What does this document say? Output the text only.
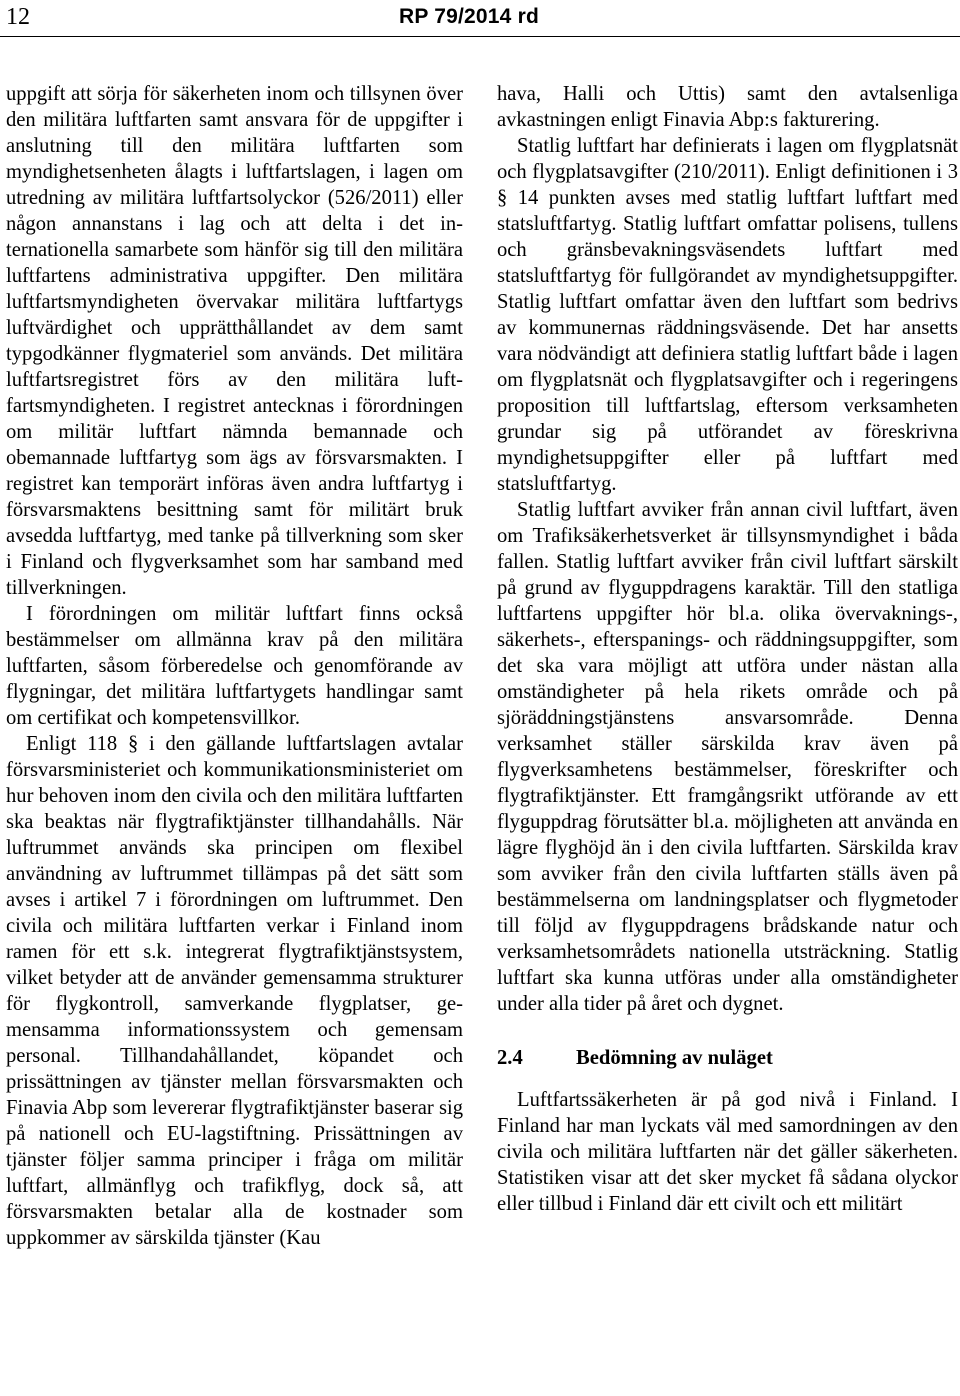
12	RP 79/2014 rd

uppgift att sörja för säkerheten inom och tillsynen över den militära luftfarten samt ansvara för de uppgifter i anslutning till den militära luftfarten som myndighetsenheten ålagts i luftfartslagen, i lagen om utredning av militära luftfartsolyckor (526/2011) eller någon annanstans i lag och att delta i det internationella samarbete som hänför sig till den militära luftfartens administrativa uppgifter. Den militära luftfartsmyndigheten övervakar militära luftfartygs luftvärdighet och upprätthållandet av dem samt typgodkänner flygmateriel som används. Det militära luftfartsregistret förs av den militära luftfartsmyndigheten. I registret antecknas i förordningen om militär luftfart nämnda bemannade och obemannade luftfartyg som ägs av försvarsmakten. I registret kan temporärt införas även andra luftfartyg i försvarsmaktens besittning samt för militärt bruk avsedda luftfartyg, med tanke på tillverkning som sker i Finland och flygverksamhet som har samband med tillverkningen.

I förordningen om militär luftfart finns också bestämmelser om allmänna krav på den militära luftfarten, såsom förberedelse och genomförande av flygningar, det militära luftfartygets handlingar samt om certifikat och kompetensvillkor.

Enligt 118 § i den gällande luftfartslagen avtalar försvarsministeriet och kommunikationsministeriet om hur behoven inom den civila och den militära luftfarten ska beaktas när flygtrafiktjänster tillhandahålls. När luftrummet används ska principen om flexibel användning av luftrummet tillämpas på det sätt som avses i artikel 7 i förordningen om luftrummet. Den civila och militära luftfarten verkar i Finland inom ramen för ett s.k. integrerat flygtrafiktjänstsystem, vilket betyder att de använder gemensamma strukturer för flygkontroll, samverkande flygplatser, gemensamma informationssystem och gemensam personal. Tillhandahållandet, köpandet och prissättningen av tjänster mellan försvarsmakten och Finavia Abp som levererar flygtrafiktjänster baserar sig på nationell och EU-lagstiftning. Prissättningen av tjänster följer samma principer i fråga om militär luftfart, allmänflyg och trafikflyg, dock så, att försvarsmakten betalar alla de kostnader som uppkommer av särskilda tjänster (Kau

hava, Halli och Uttis) samt den avtalsenliga avkastningen enligt Finavia Abp:s fakturering.

Statlig luftfart har definierats i lagen om flygplatsnät och flygplatsavgifter (210/2011). Enligt definitionen i 3 § 14 punkten avses med statlig luftfart luftfart med statsluftfartyg. Statlig luftfart omfattar polisens, tullens och gränsbevakningsväsendets luftfart med statsluftfartyg för fullgörandet av myndighetsuppgifter. Statlig luftfart omfattar även den luftfart som bedrivs av kommunernas räddningsväsende. Det har ansetts vara nödvändigt att definiera statlig luftfart både i lagen om flygplatsnät och flygplatsavgifter och i regeringens proposition till luftfartslag, eftersom verksamheten grundar sig på utförandet av föreskrivna myndighetsuppgifter eller på luftfart med statsluftfartyg.

Statlig luftfart avviker från annan civil luftfart, även om Trafiksäkerhetsverket är tillsynsmyndighet i båda fallen. Statlig luftfart avviker från civil luftfart särskilt på grund av flyguppdragens karaktär. Till den statliga luftfartens uppgifter hör bl.a. olika övervaknings-, säkerhets-, efterspanings- och räddningsuppgifter, som det ska vara möjligt att utföra under nästan alla omständigheter på hela rikets område och på sjöräddningstjänstens ansvarsområde. Denna verksamhet ställer särskilda krav även på flygverksamhetens bestämmelser, föreskrifter och flygtrafiktjänster. Ett framgångsrikt utförande av ett flyguppdrag förutsätter bl.a. möjligheten att använda en lägre flyghöjd än i den civila luftfarten. Särskilda krav som avviker från den civila luftfarten ställs även på bestämmelserna om landningsplatser och flygmetoder till följd av flyguppdragens brådskande natur och verksamhetsområdets nationella utsträckning. Statlig luftfart ska kunna utföras under alla omständigheter under alla tider på året och dygnet.

2.4	Bedömning av nuläget

Luftfartssäkerheten är på god nivå i Finland. I Finland har man lyckats väl med samordningen av den civila och militära luftfarten när det gäller säkerheten. Statistiken visar att det sker mycket få sådana olyckor eller tillbud i Finland där ett civilt och ett militärt
